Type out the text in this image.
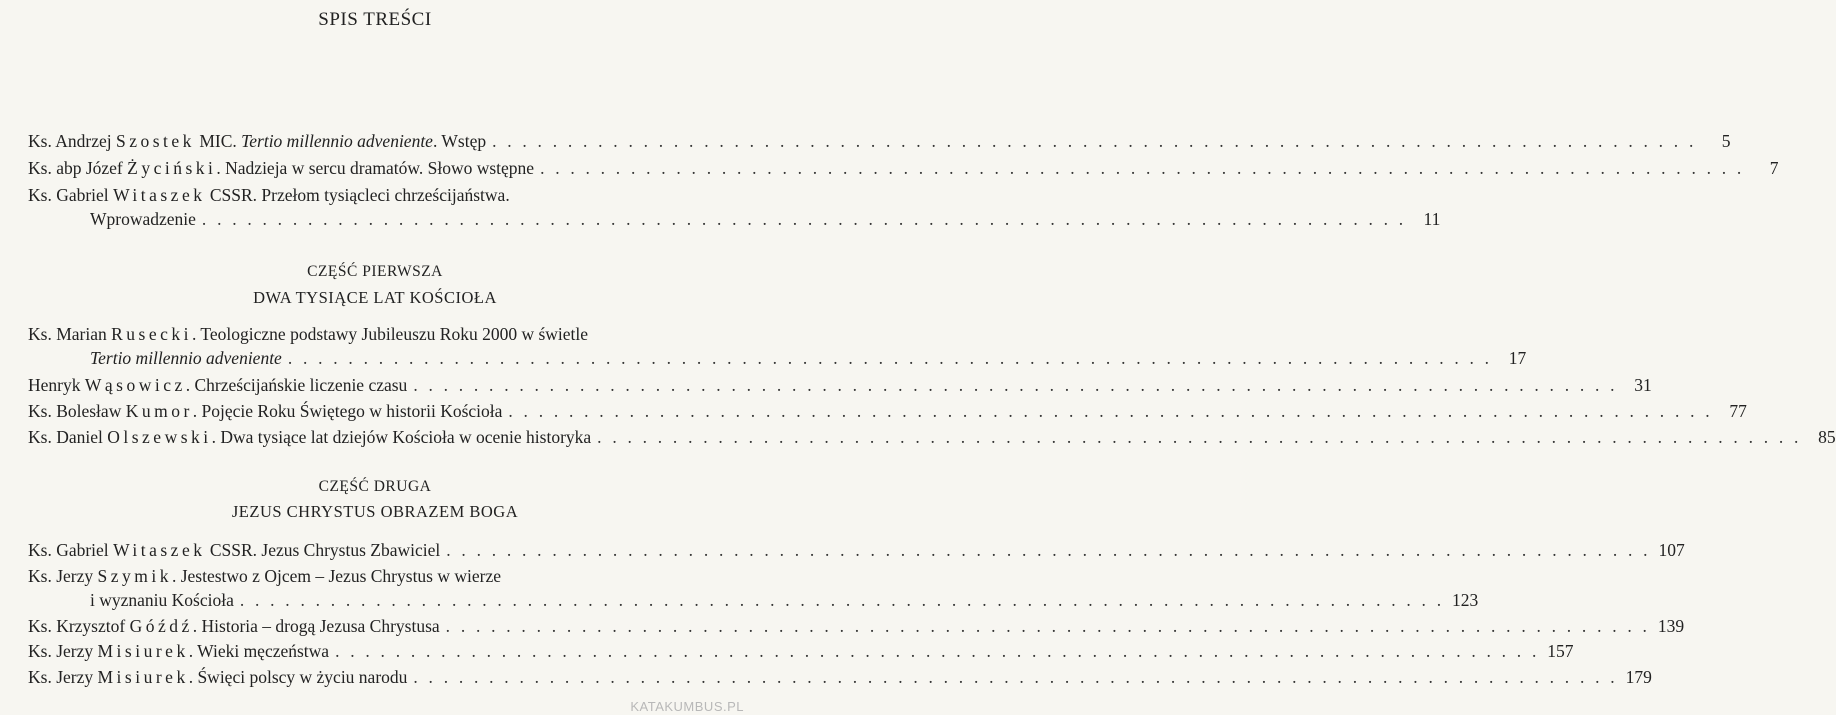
SPIS TREŚCI
Ks. Andrzej Szostek MIC. Tertio millennio adveniente. Wstęp . . . . . . . . . . . . . . . . . . . . . . . . . . . . . . . . . . . . . . . . . . . . . . . . . . . . . . . . . . . . . . . . . . . . . . . . . . . . . . . .	5
Ks. abp Józef Życiński. Nadzieja w sercu dramatów. Słowo wstępne . . . . . . . . . . . . . . . . . . . . . . . . . . . . . . . . . . . . . . . . . . . . . . . . . . . . . . . . . . . . . . . . . . . . . . . . . . . . . . . .	7
Ks. Gabriel Witaszek CSSR. Przełom tysiącleci chrześcijaństwa.
Wprowadzenie . . . . . . . . . . . . . . . . . . . . . . . . . . . . . . . . . . . . . . . . . . . . . . . . . . . . . . . . . . . . . . . . . . . . . . . . . . . . . . . . 11
CZĘŚĆ PIERWSZA
DWA TYSIĄCE LAT KOŚCIOŁA
Ks. Marian Rusecki. Teologiczne podstawy Jubileuszu Roku 2000 w świetle
Tertio millennio adveniente . . . . . . . . . . . . . . . . . . . . . . . . . . . . . . . . . . . . . . . . . . . . . . . . . . . . . . . . . . . . . . . . . . . . . . . . . . . . . . . . 17
Henryk Wąsowicz. Chrześcijańskie liczenie czasu . . . . . . . . . . . . . . . . . . . . . . . . . . . . . . . . . . . . . . . . . . . . . . . . . . . . . . . . . . . . . . . . . . . . . . . . . . . . . . . . 31
Ks. Bolesław Kumor. Pojęcie Roku Świętego w historii Kościoła . . . . . . . . . . . . . . . . . . . . . . . . . . . . . . . . . . . . . . . . . . . . . . . . . . . . . . . . . . . . . . . . . . . . . . . . . . . . . . . . 77
Ks. Daniel Olszewski. Dwa tysiące lat dziejów Kościoła w ocenie historyka . . . . . . . . . . . . . . . . . . . . . . . . . . . . . . . . . . . . . . . . . . . . . . . . . . . . . . . . . . . . . . . . . . . . . . . . . . . . . . . . 85
CZĘŚĆ DRUGA
JEZUS CHRYSTUS OBRAZEM BOGA
Ks. Gabriel Witaszek CSSR. Jezus Chrystus Zbawiciel . . . . . . . . . . . . . . . . . . . . . . . . . . . . . . . . . . . . . . . . . . . . . . . . . . . . . . . . . . . . . . . . . . . . . . . . . . . . . . . . 107
Ks. Jerzy Szymik. Jestestwo z Ojcem – Jezus Chrystus w wierze
i wyznaniu Kościoła . . . . . . . . . . . . . . . . . . . . . . . . . . . . . . . . . . . . . . . . . . . . . . . . . . . . . . . . . . . . . . . . . . . . . . . . . . . . . . . . 123
Ks. Krzysztof Góźdź. Historia – drogą Jezusa Chrystusa . . . . . . . . . . . . . . . . . . . . . . . . . . . . . . . . . . . . . . . . . . . . . . . . . . . . . . . . . . . . . . . . . . . . . . . . . . . . . . . . 139
Ks. Jerzy Misiurek. Wieki męczeństwa . . . . . . . . . . . . . . . . . . . . . . . . . . . . . . . . . . . . . . . . . . . . . . . . . . . . . . . . . . . . . . . . . . . . . . . . . . . . . . . . 157
Ks. Jerzy Misiurek. Święci polscy w życiu narodu . . . . . . . . . . . . . . . . . . . . . . . . . . . . . . . . . . . . . . . . . . . . . . . . . . . . . . . . . . . . . . . . . . . . . . . . . . . . . . . . 179
KATAKUMBUS.PL
